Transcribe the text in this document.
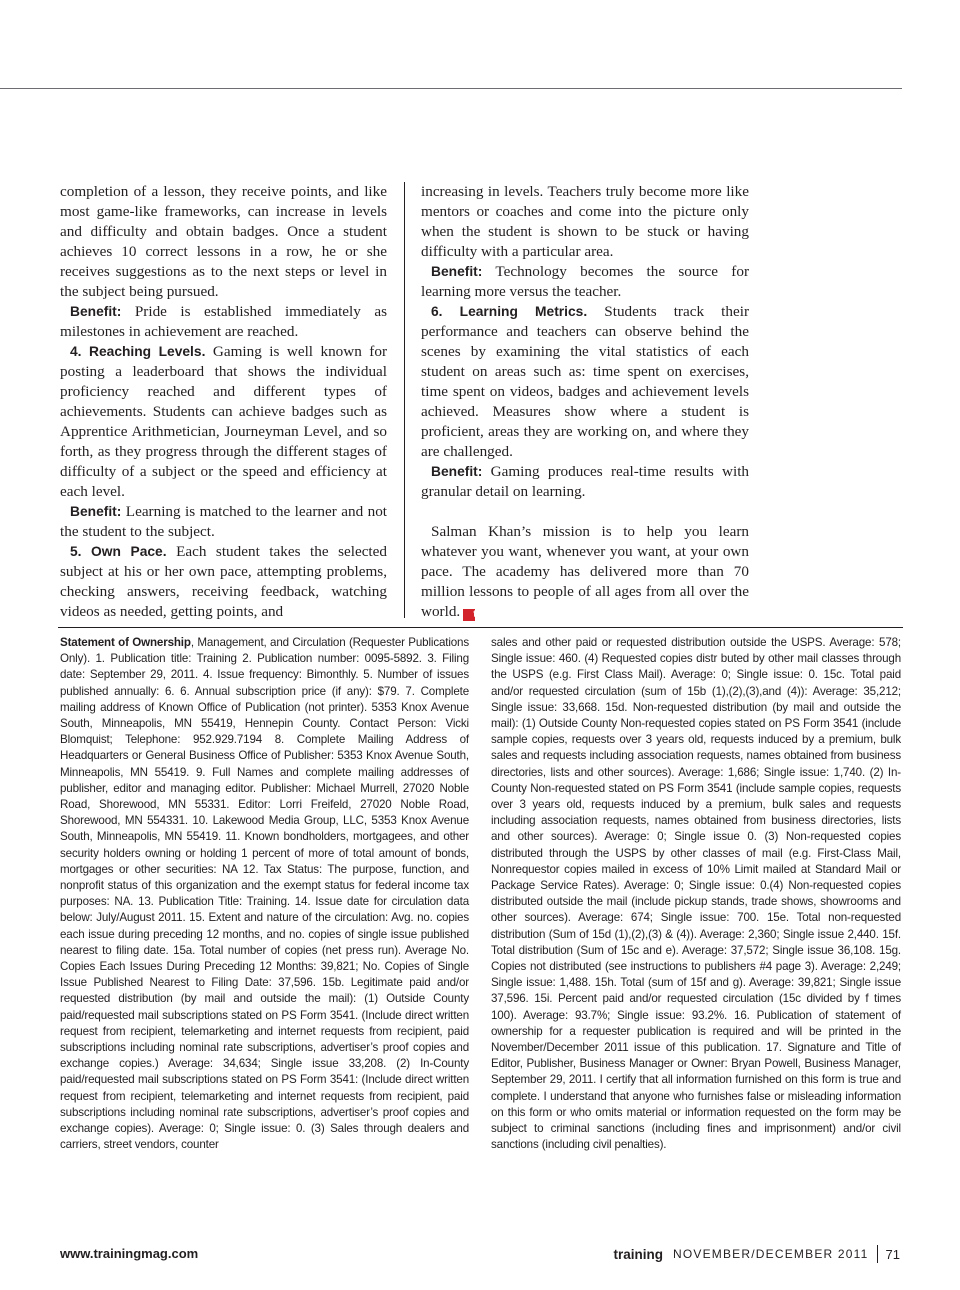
completion of a lesson, they receive points, and like most game-like frameworks, can increase in levels and difficulty and obtain badges. Once a student achieves 10 correct lessons in a row, he or she receives suggestions as to the next steps or level in the subject being pursued.

Benefit: Pride is established immediately as milestones in achievement are reached.

4. Reaching Levels. Gaming is well known for posting a leaderboard that shows the individual proficiency reached and different types of achievements. Students can achieve badges such as Apprentice Arithmetician, Journeyman Level, and so forth, as they progress through the different stages of difficulty of a subject or the speed and efficiency at each level.

Benefit: Learning is matched to the learner and not the student to the subject.

5. Own Pace. Each student takes the selected subject at his or her own pace, attempting problems, checking answers, receiving feedback, watching videos as needed, getting points, and

increasing in levels. Teachers truly become more like mentors or coaches and come into the picture only when the student is shown to be stuck or having difficulty with a particular area.

Benefit: Technology becomes the source for learning more versus the teacher.

6. Learning Metrics. Students track their performance and teachers can observe behind the scenes by examining the vital statistics of each student on areas such as: time spent on exercises, time spent on videos, badges and achievement levels achieved. Measures show where a student is proficient, areas they are working on, and where they are challenged.

Benefit: Gaming produces real-time results with granular detail on learning.

Salman Khan’s mission is to help you learn whatever you want, whenever you want, at your own pace. The academy has delivered more than 70 million lessons to people of all ages from all over the world. t

Statement of Ownership, Management, and Circulation (Requester Publications Only). 1. Publication title: Training 2. Publication number: 0095-5892. 3. Filing date: September 29, 2011. 4. Issue frequency: Bimonthly. 5. Number of issues published annually: 6. 6. Annual subscription price (if any): $79. 7. Complete mailing address of Known Office of Publication (not printer). 5353 Knox Avenue South, Minneapolis, MN 55419, Hennepin County. Contact Person: Vicki Blomquist; Telephone: 952.929.7194 8. Complete Mailing Address of Headquarters or General Business Office of Publisher: 5353 Knox Avenue South, Minneapolis, MN 55419. 9. Full Names and complete mailing addresses of publisher, editor and managing editor. Publisher: Michael Murrell, 27020 Noble Road, Shorewood, MN 55331. Editor: Lorri Freifeld, 27020 Noble Road, Shorewood, MN 554331. 10. Lakewood Media Group, LLC, 5353 Knox Avenue South, Minneapolis, MN 55419. 11. Known bondholders, mortgagees, and other security holders owning or holding 1 percent of more of total amount of bonds, mortgages or other securities: NA 12. Tax Status: The purpose, function, and nonprofit status of this organization and the exempt status for federal income tax purposes: NA. 13. Publication Title: Training. 14. Issue date for circulation data below: July/August 2011. 15. Extent and nature of the circulation: Avg. no. copies each issue during preceding 12 months, and no. copies of single issue published nearest to filing date. 15a. Total number of copies (net press run). Average No. Copies Each Issues During Preceding 12 Months: 39,821; No. Copies of Single Issue Published Nearest to Filing Date: 37,596. 15b. Legitimate paid and/or requested distribution (by mail and outside the mail): (1) Outside County paid/requested mail subscriptions stated on PS Form 3541. (Include direct written request from recipient, telemarketing and internet requests from recipient, paid subscriptions including nominal rate subscriptions, advertiser’s proof copies and exchange copies.) Average: 34,634; Single issue 33,208. (2) In-County paid/requested mail subscriptions stated on PS Form 3541: (Include direct written request from recipient, telemarketing and internet requests from recipient, paid subscriptions including nominal rate subscriptions, advertiser’s proof copies and exchange copies). Average: 0; Single issue: 0. (3) Sales through dealers and carriers, street vendors, counter

sales and other paid or requested distribution outside the USPS. Average: 578; Single issue: 460. (4) Requested copies distr buted by other mail classes through the USPS (e.g. First Class Mail). Average: 0; Single issue: 0. 15c. Total paid and/or requested circulation (sum of 15b (1),(2),(3),and (4)): Average: 35,212; Single issue: 33,668. 15d. Non-requested distribution (by mail and outside the mail): (1) Outside County Non-requested copies stated on PS Form 3541 (include sample copies, requests over 3 years old, requests induced by a premium, bulk sales and requests including association requests, names obtained from business directories, lists and other sources). Average: 1,686; Single issue: 1,740. (2) In-County Non-requested stated on PS Form 3541 (include sample copies, requests over 3 years old, requests induced by a premium, bulk sales and requests including association requests, names obtained from business directories, lists and other sources). Average: 0; Single issue 0. (3) Non-requested copies distributed through the USPS by other classes of mail (e.g. First-Class Mail, Nonrequestor copies mailed in excess of 10% Limit mailed at Standard Mail or Package Service Rates). Average: 0; Single issue: 0.(4) Non-requested copies distributed outside the mail (include pickup stands, trade shows, showrooms and other sources). Average: 674; Single issue: 700. 15e. Total non-requested distribution (Sum of 15d (1),(2),(3) & (4)). Average: 2,360; Single issue 2,440. 15f. Total distribution (Sum of 15c and e). Average: 37,572; Single issue 36,108. 15g. Copies not distributed (see instructions to publishers #4 page 3). Average: 2,249; Single issue: 1,488. 15h. Total (sum of 15f and g). Average: 39,821; Single issue 37,596. 15i. Percent paid and/or requested circulation (15c divided by f times 100). Average: 93.7%; Single issue: 93.2%. 16. Publication of statement of ownership for a requester publication is required and will be printed in the November/December 2011 issue of this publication. 17. Signature and Title of Editor, Publisher, Business Manager or Owner: Bryan Powell, Business Manager, September 29, 2011. I certify that all information furnished on this form is true and complete. I understand that anyone who furnishes false or misleading information on this form or who omits material or information requested on the form may be subject to criminal sanctions (including fines and imprisonment) and/or civil sanctions (including civil penalties).

www.trainingmag.com	training NOVEMBER/DECEMBER 2011 71
